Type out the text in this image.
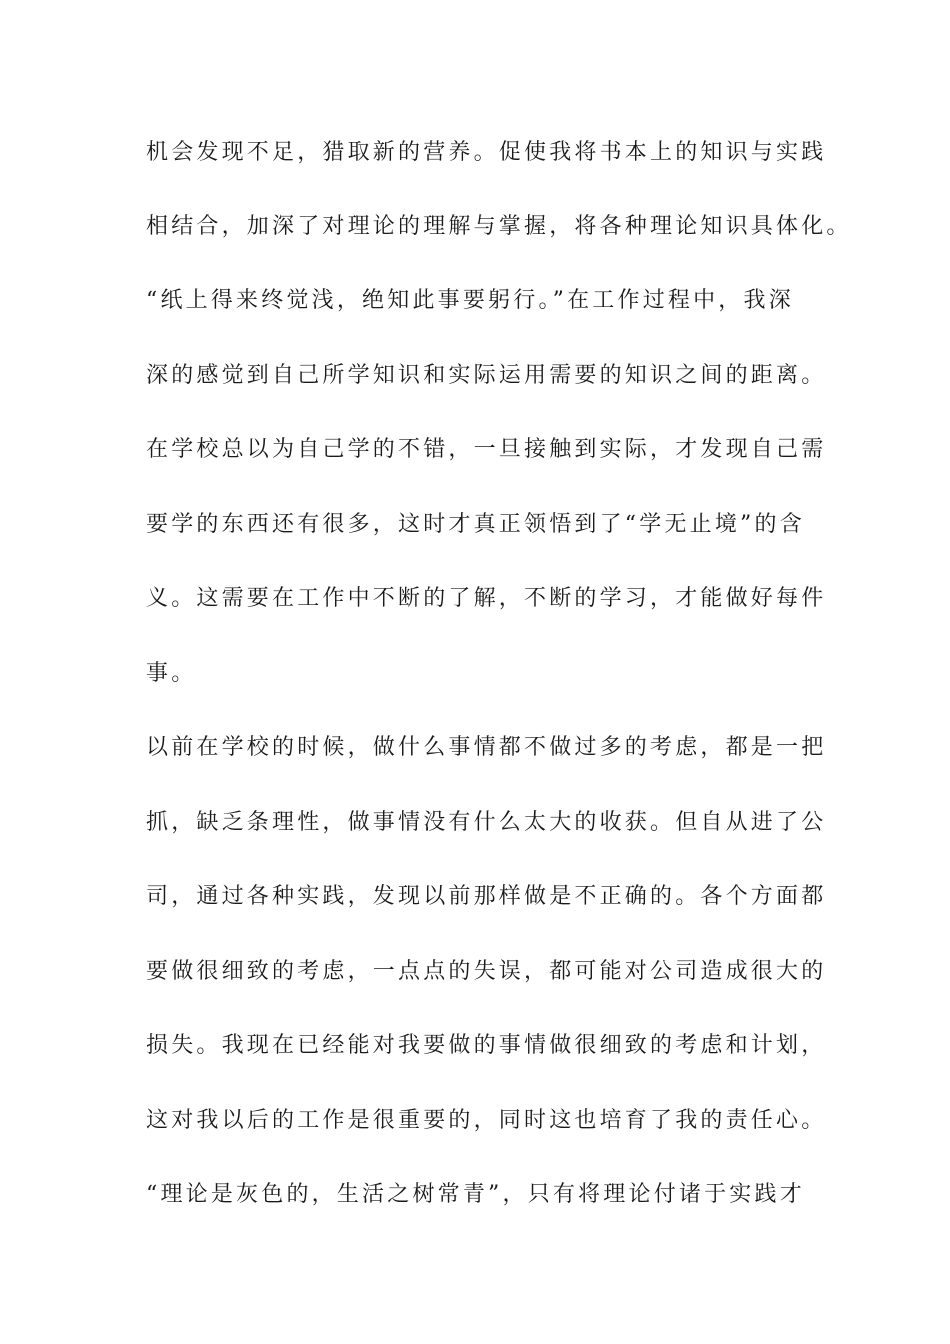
机会发现不足，猎取新的营养。促使我将书本上的知识与实践
相结合，加深了对理论的理解与掌握，将各种理论知识具体化。
“纸上得来终觉浅，绝知此事要躬行。”在工作过程中，我深
深的感觉到自己所学知识和实际运用需要的知识之间的距离。
在学校总以为自己学的不错，一旦接触到实际，才发现自己需
要学的东西还有很多，这时才真正领悟到了“学无止境”的含
义。这需要在工作中不断的了解，不断的学习，才能做好每件
事。
以前在学校的时候，做什么事情都不做过多的考虑，都是一把
抓，缺乏条理性，做事情没有什么太大的收获。但自从进了公
司，通过各种实践，发现以前那样做是不正确的。各个方面都
要做很细致的考虑，一点点的失误，都可能对公司造成很大的
损失。我现在已经能对我要做的事情做很细致的考虑和计划，
这对我以后的工作是很重要的，同时这也培育了我的责任心。
“理论是灰色的，生活之树常青”，只有将理论付诸于实践才
